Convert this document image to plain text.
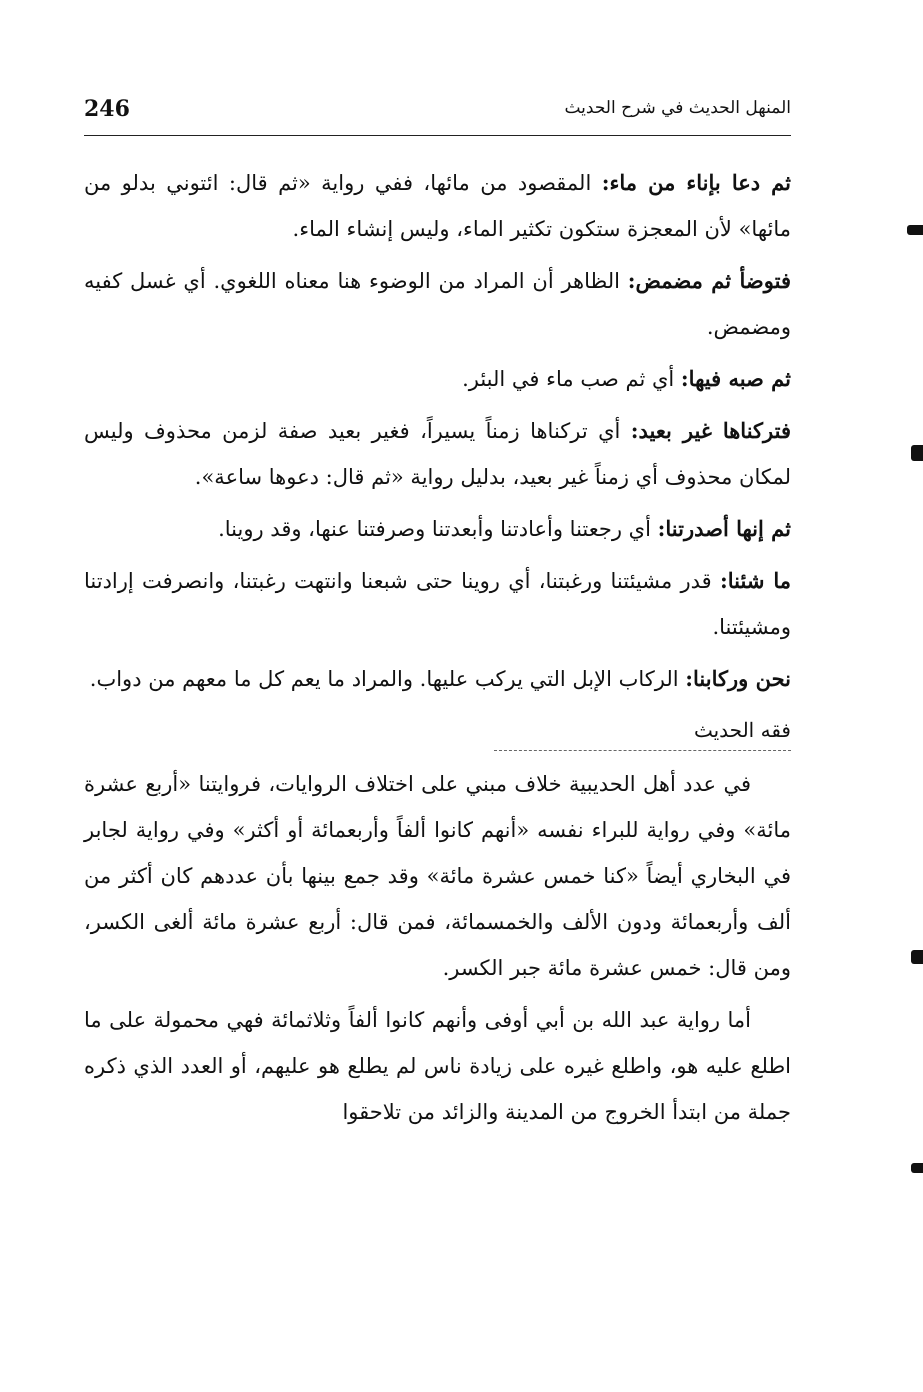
246	المنهل الحديث في شرح الحديث

ثم دعا بإناء من ماء: المقصود من مائها، ففي رواية «ثم قال: ائتوني بدلو من مائها» لأن المعجزة ستكون تكثير الماء، وليس إنشاء الماء.

فتوضأ ثم مضمض: الظاهر أن المراد من الوضوء هنا معناه اللغوي. أي غسل كفيه ومضمض.

ثم صبه فيها: أي ثم صب ماء في البئر.

فتركناها غير بعيد: أي تركناها زمناً يسيراً، فغير بعيد صفة لزمن محذوف وليس لمكان محذوف أي زمناً غير بعيد، بدليل رواية «ثم قال: دعوها ساعة».

ثم إنها أصدرتنا: أي رجعتنا وأعادتنا وأبعدتنا وصرفتنا عنها، وقد روينا.

ما شئنا: قدر مشيئتنا ورغبتنا، أي روينا حتى شبعنا وانتهت رغبتنا، وانصرفت إرادتنا ومشيئتنا.

نحن وركابنا: الركاب الإبل التي يركب عليها. والمراد ما يعم كل ما معهم من دواب.

فقه الحديث

في عدد أهل الحديبية خلاف مبني على اختلاف الروايات، فروايتنا «أربع عشرة مائة» وفي رواية للبراء نفسه «أنهم كانوا ألفاً وأربعمائة أو أكثر» وفي رواية لجابر في البخاري أيضاً «كنا خمس عشرة مائة» وقد جمع بينها بأن عددهم كان أكثر من ألف وأربعمائة ودون الألف والخمسمائة، فمن قال: أربع عشرة مائة ألغى الكسر، ومن قال: خمس عشرة مائة جبر الكسر.

أما رواية عبد الله بن أبي أوفى وأنهم كانوا ألفاً وثلاثمائة فهي محمولة على ما اطلع عليه هو، واطلع غيره على زيادة ناس لم يطلع هو عليهم، أو العدد الذي ذكره جملة من ابتدأ الخروج من المدينة والزائد من تلاحقوا
